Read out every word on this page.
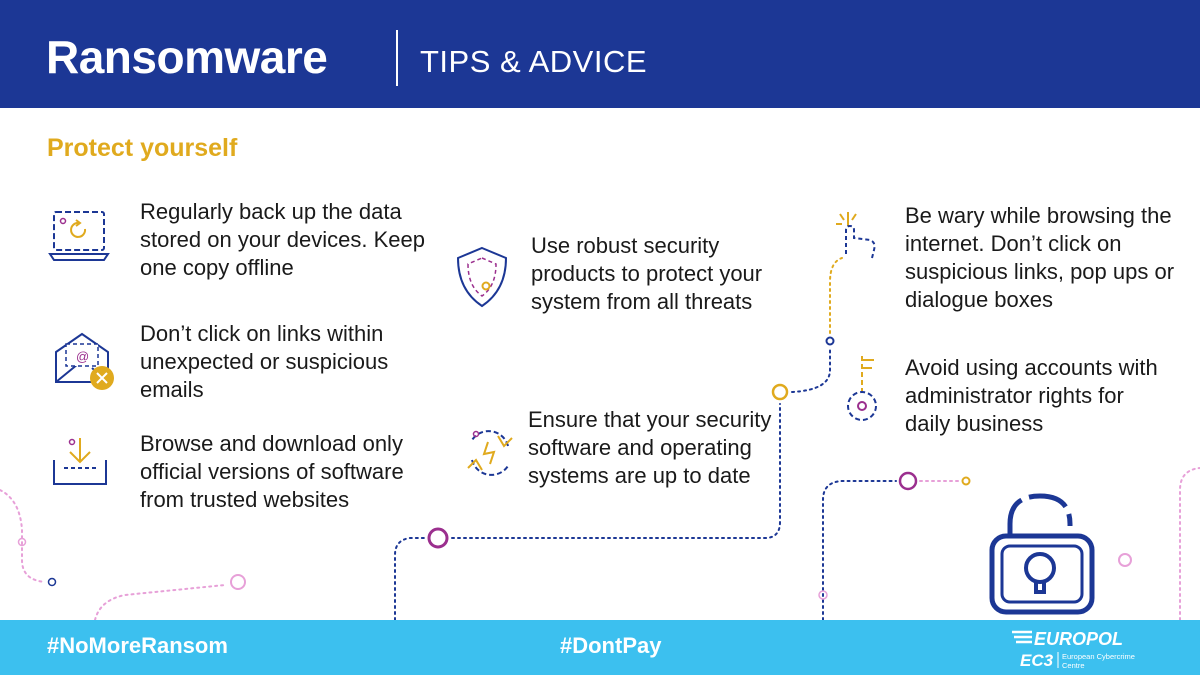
Ransomware	TIPS & ADVICE
Protect yourself
Regularly back up the data stored on your devices. Keep one copy offline
@
Don’t click on links within unexpected or suspicious emails
Browse and download only official versions of software from trusted websites
Use robust security products to protect your system from all threats
Ensure that your security software and operating systems are up to date
Be wary while browsing the internet. Don’t click on suspicious links, pop ups or dialogue boxes
Avoid using accounts with administrator rights for daily business
#NoMoreRansom	#DontPay	EUROPOL
EC3 European Cybercrime
Centre
